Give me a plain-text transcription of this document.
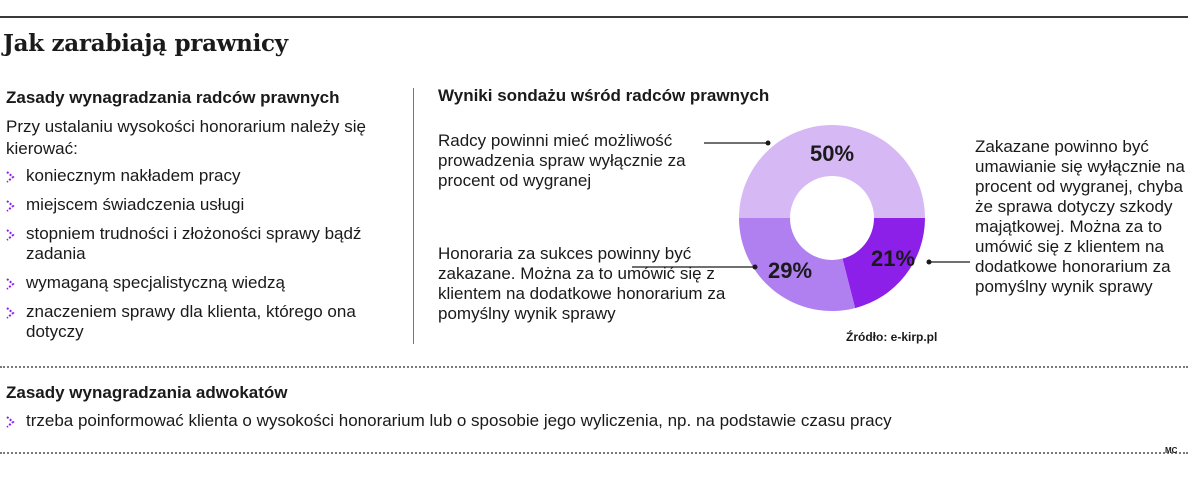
Jak zarabiają prawnicy
Zasady wynagradzania radców prawnych
Przy ustalaniu wysokości honorarium należy się kierować:
koniecznym nakładem pracy
miejscem świadczenia usługi
stopniem trudności i złożoności sprawy bądź zadania
wymaganą specjalistyczną wiedzą
znaczeniem sprawy dla klienta, którego ona dotyczy
Wyniki sondażu wśród radców prawnych
Radcy powinni mieć możliwość prowadzenia spraw wyłącznie za procent od wygranej
Honoraria za sukces powinny być zakazane. Można za to umówić się z klientem na dodatkowe honorarium za pomyślny wynik sprawy
Zakazane powinno być umawianie się wyłącznie na procent od wygranej, chyba że sprawa dotyczy szkody majątkowej. Można za to umówić się z klientem na dodatkowe honorarium za pomyślny wynik sprawy
50%
21%
29%
Źródło: e-kirp.pl
Zasady wynagradzania adwokatów
trzeba poinformować klienta o wysokości honorarium lub o sposobie jego wyliczenia, np. na podstawie czasu pracy
MC
